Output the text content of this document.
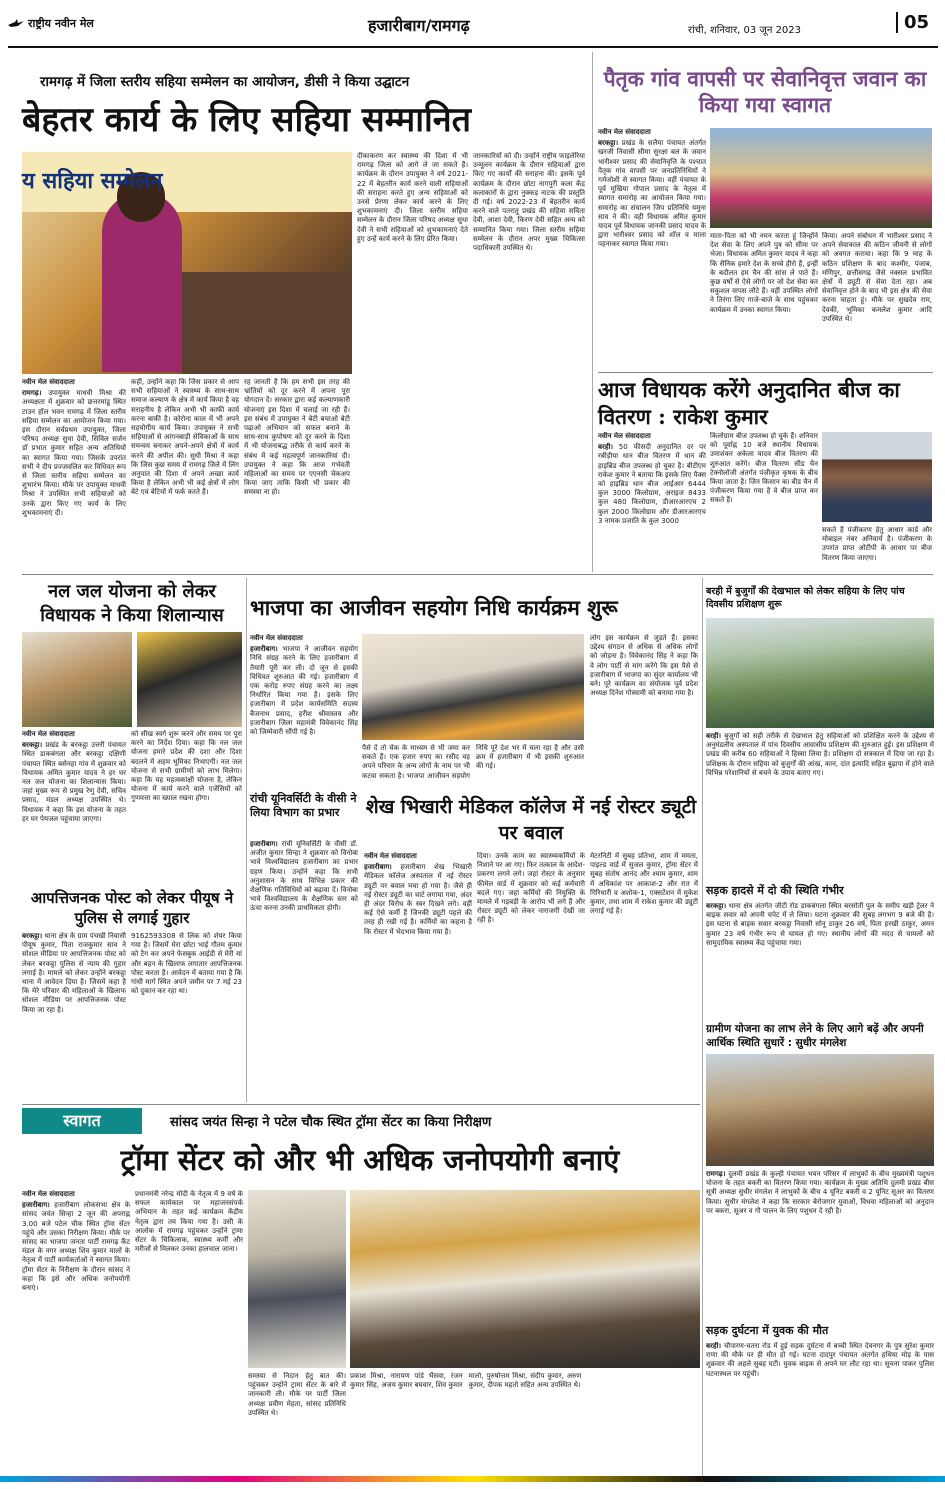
राष्ट्रीय नवीन मेल	हजारीबाग/रामगढ़	रांची, शनिवार, 03 जून 2023	05
रामगढ़ में जिला स्तरीय सहिया सम्मेलन का आयोजन, डीसी ने किया उद्घाटन
बेहतर कार्य के लिए सहिया सम्मानित
य सहिया सम्मेलन
नवीन मेल संवाददाता
रामगढ़। उपायुक्त माधवी मिश्रा की अध्यक्षता में शुक्रवार को छत्तरमांडू स्थित टाउन हॉल भवन रामगढ़ में जिला स्तरीय सहिया सम्मेलन का आयोजन किया गया। इस दौरान सर्वप्रथम उपायुक्त, जिला परिषद अध्यक्ष सुधा देवी, सिविल सर्जन डॉ प्रभात कुमार सहित अन्य अतिथियों का स्वागत किया गया। जिसके उपरांत सभी ने दीप प्रज्जवलित कर विधिवत रूप से जिला स्तरीय सहिया सम्मेलन का शुभारंभ किया। मौके पर उपायुक्त माधवी मिश्रा ने उपस्थित सभी सहियाओं को उनके द्वारा किए गए कार्य के लिए शुभकामनाएं दी।
कहीं, उन्होंने कहा कि जिस प्रकार से आप सभी सहियाओं ने स्वास्थ्य के साथ-साथ समाज कल्याण के क्षेत्र में कार्य किया है वह सराहनीय है लेकिन अभी भी काफी कार्य करना बाकी है। कोरोना काल में भी अपने सहयोगीय कार्य किया। उपायुक्त ने सभी सहियाओं से आंगनबाड़ी सेविकाओं के साथ समन्वय बनाकर अपने-अपने क्षेत्रों में कार्य करने की अपील की। सुधी मिश्रा ने कहा कि जिस कुछ समय में रामगढ़ जिले में लिंग अनुपात की दिशा में अपने अच्छा कार्य किया है लेकिन अभी भी कई क्षेत्रों में लोग बेटे एवं बेटियों में फर्क करते हैं।
रह जानती है कि हम सभी इस तरह की भ्रांतियों को दूर करने में अपना पूरा योगदान दें। सरकार द्वारा कई कल्याणकारी योजनाएं इस दिशा में चलाई जा रही हैं। इस संबंध में उपायुक्त ने बेटी बचाओ बेटी पढ़ाओ अभियान को सफल बनाने के साथ-साथ कुपोषण को दूर करने के दिशा में भी योजनाबद्ध तरीके से कार्य करने के संबंध में कई महत्वपूर्ण जानकारियां दी। उपायुक्त ने कहा कि आज गर्भवती महिलाओं का समय पर एएनसी चेकअप किया जाए ताकि किसी भी प्रकार की समस्या ना हो।
दीकाकरण कर स्वास्थ्य की दिशा में भी रामगढ़ जिला को आगे ले जा सकते हैं। कार्यक्रम के दौरान उपायुक्त ने वर्ष 2021-22 में बेहतरीन कार्य करने वाली सहियाओं की सराहना करते हुए अन्य सहियाओं को उनसे प्रेरणा लेकर कार्य करने के लिए शुभकामनाएं दी। जिला स्तरीय सहिया सम्मेलन के दौरान जिला परिषद अध्यक्ष सुधा देवी ने सभी सहियाओं को शुभकामनाएं देते हुए उन्हें कार्य करने के लिए प्रेरित किया।
जानकारियों को दी। उन्होंने राष्ट्रीय फाइलेरिया उन्मूलन कार्यक्रम के दौरान सहियाओं द्वारा किए गए कार्यों की सराहना की। इसके पूर्व कार्यक्रम के दौरान छोटा नागपुरी कला केंद्र कलाकारों के द्वारा नुक्कड़ नाटक की प्रस्तुति दी गई। वर्ष 2022-23 में बेहतरीन कार्य करने वाले पतरातु प्रखंड की सहिया सविता देवी, आशा देवी, किरण देवी सहित अन्य को सम्मानित किया गया। जिला स्तरीय सहिया सम्मेलन के दौरान अपर मुख्य चिकित्सा पदाधिकारी उपस्थित थे।
पैतृक गांव वापसी पर सेवानिवृत्त जवान का किया गया स्वागत
नवीन मेल संवाददाता
बरकट्ठा। प्रखंड के सलैया पंचायत अंतर्गत खरजी निवासी सीमा सुरक्षा बल के जवान भारीश्वर प्रसाद की सेवानिवृत्ति के पश्चात पैतृक गांव वापसी पर जनप्रतिनिधियों ने गर्मजोशी से स्वागत किया। वहीं पंचायत के पूर्व मुखिया गोपाल प्रसाद के नेतृत्व में स्वागत समारोह का आयोजन किया गया। समारोह का संचालन जिप प्रतिनिधि यमुना साव ने की। वहीं विधायक अमित कुमार यादव पूर्व विधायक जानकी प्रसाद यादव के द्वारा भारीश्वर प्रसाद को शॉल व माला पहनाकर स्वागत किया गया।
माता-पिता को भी नमन करता हूं जिन्होंने देश सेवा के लिए अपने पुत्र को सीमा पर भेजा। विधायक अमित कुमार यादव ने कहा कि सैनिक हमारे देश के सच्चे हीरो हैं, इन्हीं के बदौलत हम चैन की सांस ले पाते हैं। कुछ वर्षों से ऐसे लोगों पर जो देश सेवा कर सकुशल वापस लौटे हैं। वहीं उपस्थित लोगों ने तिरंगा लिए गाजे-बाजे के साथ पहुंचकर कार्यक्रम में उनका स्वागत किया।
किया। अपने संबोधन में भारीश्वर प्रसाद ने अपने सेवाकाल की कठिन जीवनी से लोगों को अवगत कराया। कहा कि 9 माह के कठिन प्रशिक्षण के बाद कश्मीर, पंजाब, मणिपुर, छत्तीसगढ़ जैसे नक्सल प्रभावित क्षेत्रों में ड्यूटी से सेवा देता रहा। अब सेवानिवृत्त होने के बाद भी इस क्षेत्र की सेवा करना चाहता हूं। मौके पर सुखदेव राम, देवकी, भूमिका कमलेश कुमार आदि उपस्थित थे।
आज विधायक करेंगे अनुदानित बीज का वितरण : राकेश कुमार
नवीन मेल संवाददाता
बरही। 50 फीसदी अनुदानित दर पर रबीड़ीया धान बीज वितरण में धान की हाइब्रिड बीज उपलब्ध हो चुका है। बीटीएम राकेश कुमार ने बताया कि इसके लिए पैक्स को हाइब्रिड धान बीज आईआर 6444 कुल 3000 किलोग्राम, अराइज 8433 कुल 480 किलोग्राम, डीआरआरएच 2 कुल 2000 किलोग्राम और डीआरआरएच 3 नामक प्रजाति के कुल 3000
किलोग्राम बीज उपलब्ध हो चुके हैं। शनिवार को पूर्वाह्न 10 बजे स्थानीय विधायक उमाशंकर अकेला यादव बीज वितरण की शुरुआत करेंगे। बीज वितरण सीड चैन टेक्नोलॉजी अंतर्गत पंजीकृत कृषक के बीच किया जाता है। जिन किसान का बीड चैन में पंजीकरण किया गया है वे बीज प्राप्त कर सकते हैं।
सकते हैं पंजीकरण हेतु आधार कार्ड और मोबाइल नंबर अनिवार्य है। पंजीकरण के उपरांत प्राप्त ओटीपी के आधार पर बीज वितरण किया जाएगा।
नल जल योजना को लेकर विधायक ने किया शिलान्यास
नवीन मेल संवाददाता
बरकट्ठा। प्रखंड के बरकट्ठा उत्तरी पंचायत स्थित डाकबंगला और बरकट्ठा दक्षिणी पंचायत स्थित बसेनहा गांव में शुक्रवार को विधायक अमित कुमार यादव ने हर घर नल जल योजना का शिलान्यास किया। जहां मुख्य रूप से प्रमुख रेणु देवी, सचिव प्रसाद, मंडल अध्यक्ष उपस्थित थे। विधायक ने कहा कि इस योजना के तहत हर घर पेयजल पहुंचाया जाएगा।
को सीख स्वर्ग शुरू करने और समय पर पूरा करने का निर्देश दिया। कहा कि नल जल योजना हमारे प्रदेश की दशा और दिशा बदलने में अहम भूमिका निभाएगी। नल जल योजना से सभी ग्रामीणों को लाभ मिलेगा। कहा कि यह महत्वकांक्षी योजना है, लेकिन योजना में कार्य करने वाले एजेंसियों को गुणवत्ता का ख्याल रखना होगा।
आपत्तिजनक पोस्ट को लेकर पीयूष ने पुलिस से लगाई गुहार
बरकट्ठा। थाना क्षेत्र के ग्राम पंचखी निवासी पीयूष कुमार, पिता राजकुमार साव ने सोशल मीडिया पर आपत्तिजनक पोस्ट को लेकर बरकट्ठा पुलिस से न्याय की गुहार लगाई है। मामले को लेकर उन्होंने बरकट्ठा थाना में आवेदन दिया है। जिसमें कहा है कि मेरे परिवार की महिलाओं के खिलाफ सोशल मीडिया पर आपत्तिजनक पोस्ट किया जा रहा है।
9162593308 से लिंक को शेयर किया गया है। जिसमें मेरा छोटा भाई गौतम कुमार को टैग कर अपने फेसबुक आईडी से मेरी मां और बहन के खिलाफ लगातार आपत्तिजनक पोस्ट करता है। आवेदन में बताया गया है कि गांधी मार्ग स्थित अपने जमीन पर 7 मई 23 को दुकान कर रहा था।
भाजपा का आजीवन सहयोग निधि कार्यक्रम शुरू
नवीन मेल संवाददाता
हजारीबाग। भाजपा ने आजीवन सहयोग निधि संग्रह करने के लिए हजारीबाग में तैयारी पूरी कर ली। दो जून से इसकी विधिवत शुरुआत की गई। हजारीबाग में एक करोड़ रुपए संग्रह करने का लक्ष्य निर्धारित किया गया है। इसके लिए हजारीबाग में प्रदेश कार्यसमिति सदस्य बैजनाथ प्रसाद, हरीश श्रीवास्तव और हजारीबाग जिला महामंत्री विवेकानंद सिंह को जिम्मेवारी सौंपी गई है।
पैसे दें तो चेक के माध्यम से भी जमा कर सकते हैं। एक हजार रुपए का रसीद वह अपने परिवार के अन्य लोगों के नाम पर भी कटवा सकता है। भाजपा आजीवन सहयोग निधि पूरे देश भर में चला रहा है और उसी क्रम में हजारीबाग में भी इसकी शुरुआत की गई।
लोग इस कार्यक्रम से जुड़ते हैं। इसका उद्देश्य संगठन से अधिक से अधिक लोगों को जोड़ना है। विवेकानंद सिंह ने कहा कि वे लोग पार्टी से मांग करेंगे कि इस पैसे से हजारीबाग में भाजपा का सुंदर कार्यालय भी बने। पूरे कार्यक्रम का संयोजक पूर्व प्रदेश अध्यक्ष दिनेश गोस्वामी को बनाया गया है।
रांची यूनिवर्सिटी के वीसी ने लिया विभाग का प्रभार
हजारीबाग। रांची यूनिवर्सिटी के वीसी डॉ. अजीत कुमार सिन्हा ने शुक्रवार को विनोबा भावे विश्वविद्यालय हजारीबाग का प्रभार ग्रहण किया। उन्होंने कहा कि सभी अनुशासन के साथ विभिन्न प्रकार की शैक्षणिक गतिविधियों को बढ़ावा दें। विनोबा भावे विश्वविद्यालय के शैक्षणिक स्तर को ऊंचा करना उनकी प्राथमिकता होगी।
शेख भिखारी मेडिकल कॉलेज में नई रोस्टर ड्यूटी पर बवाल
नवीन मेल संवाददाता
हजारीबाग। हजारीबाग शेख भिखारी मेडिकल कॉलेज अस्पताल में नई रोस्टर ड्यूटी पर बवाल मचा हो गया है। जैसे ही नई रोस्टर ड्यूटी का चार्ट लगाया गया, अंदर ही अंदर विरोध के स्वर दिखने लगे। वहीं कई ऐसे कर्मी हैं जिनकी ड्यूटी पहले की तरह ही रखी गई है। कर्मियों का कहना है कि रोस्टर में भेदभाव किया गया है।
दिया। उनके काम का स्वास्थ्यकर्मियों के निशाने पर आ गए। फिर तत्काल के आदेश-प्रकरण लगने लगे। जहां रोस्टर के अनुसार फीमेल वार्ड में शुक्रवार को कई कर्मचारी बदले गए। जहां कर्मियों की नियुक्ति के मामले में गड़बड़ी के आरोप भी लगे हैं और रोस्टर ड्यूटी को लेकर नाराजगी देखी जा रही है।
मेटरनिटी में सुबह प्रतिभा, शाम में ममता, पाइल्ड वार्ड में सुजल कुमार, ट्रॉमा सेंटर में सुबह संतोष आनंद और श्याम कुमार, शाम में अधिकांश पर आकाश-2 और रात में गिरिधारी व अशोक-1, एक्सटेंशन में मुकेश कुमार, तथा शाम में राकेश कुमार की ड्यूटी लगाई गई है।
बरही में बुजुर्गों की देखभाल को लेकर सहिया के लिए पांच दिवसीय प्रशिक्षण शुरू
बरही। बुजुर्गों को सही तरीके से देखभाल हेतु सहियाओं को प्रशिक्षित करने के उद्देश्य से अनुमंडलीय अस्पताल में पांच दिवसीय आवासीय प्रशिक्षण की शुरुआत हुई। इस प्रशिक्षण में प्रखंड की करीब 60 सहियाओं ने हिस्सा लिया है। प्रशिक्षण दो सत्रकाल में दिया जा रहा है। प्रशिक्षक के दौरान सहिया को बुजुर्गों की आंख, कान, दांत इत्यादि सहित बुढ़ापा में होने वाले विभिन्न परेशानियों से बचने के उपाय बताए गए।
सड़क हादसे में दो की स्थिति गंभीर
बरकट्ठा। थाना क्षेत्र अंतर्गत जीटी रोड डाकबंगला स्थित बरसोती पुल के समीप खड़ी ट्रेलर ने बाइक सवार को अपनी चपेट में ले लिया। घटना शुक्रवार की सुबह लगभग 9 बजे की है। इस घटना से बाइक सवार बरकट्ठा निवासी सोनू ठाकुर 26 वर्ष, पिता हरखी ठाकुर, अमन कुमार 23 वर्ष गंभीर रूप से घायल हो गए। स्थानीय लोगों की मदद से घायलों को सामुदायिक स्वास्थ्य केंद्र पहुंचाया गया।
ग्रामीण योजना का लाभ लेने के लिए आगे बढ़ें और अपनी आर्थिक स्थिति सुधारें : सुधीर मंगलेश
रामगढ़। दुलमी प्रखंड के कुल्ही पंचायत भवन परिसर में लाभुकों के बीच मुख्यमंत्री पशुधन योजना के तहत बकरी का वितरण किया गया। कार्यक्रम के मुख्य अतिथि दुलमी प्रखंड बीस सूत्री अध्यक्ष सुधीर मंगलेश ने लाभुकों के बीच 4 यूनिट बकरी व 2 यूनिट सूअर का वितरण किया। सुधीर मंगलेश ने कहा कि सरकार बेरोजगार युवाओं, विधवा महिलाओं को अनुदान पर बकरा, सूअर व गौ पालन के लिए पशुधन दे रही है।
सड़क दुर्घटना में युवक की मौत
बरही। चौपारण-चतरा रोड में हुई सड़क दुर्घटना में बच्ची स्थित देवनगर के पुत्र सुरेश कुमार राणा की मौके पर ही मौत हो गई। घटना दादपुर पंचायत अंतर्गत हथिया मोड़ के पास शुक्रवार की अहले सुबह घटी। युवक बाइक से अपने घर लौट रहा था। सूचना पाकर पुलिस घटनास्थल पर पहुंची।
स्वागत	सांसद जयंत सिन्हा ने पटेल चौक स्थित ट्रॉमा सेंटर का किया निरीक्षण
ट्रॉमा सेंटर को और भी अधिक जनोपयोगी बनाएं
नवीन मेल संवाददाता
हजारीबाग। हजारीबाग लोकसभा क्षेत्र के सांसद जयंत सिन्हा 2 जून की अपराह्न 3.00 बजे पटेल चौक स्थित ट्रॉमा सेंटर पहुंचे और उसका निरीक्षण किया। मौके पर सांसद का भाजपा जनता पार्टी रामगढ़ कैंट मंडल के नगर अध्यक्ष शिव कुमार मालों के नेतृत्व में पार्टी कार्यकर्ताओं ने स्वागत किया। ट्रॉमा सेंटर के निरीक्षण के दौरान सांसद ने कहा कि इसे और अधिक जनोपयोगी बनाएं।
प्रधानमंत्री नरेन्द्र मोदी के नेतृत्व में 9 वर्ष के सफल कार्यकाल पर महाजनसंपर्क अभियान के तहत कई कार्यक्रम केंद्रीय नेतृत्व द्वारा तय किया गया है। उसी के आलोक में रामगढ़ पहुंचकर उन्होंने ट्रामा सेंटर के चिकित्सक, स्वास्थ्य कर्मी और मरीजों से मिलकर उनका हालचाल जाना।
समस्या से निदान हेतु बात की। पहुंचकर उन्होंने ट्रामा सेंटर के बारे में जानकारी ली। मौके पर पार्टी जिला अध्यक्ष प्रवीण मेहता, सांसद प्रतिनिधि उपस्थित थे।
प्रकाश मिश्रा, नारायण पांडे भैंसवा, रंजन कुमार सिंह, अजय कुमार बघवार, शिव कुमार मालो, पुरुषोत्तम मिश्रा, संदीप कुमार, अरुण कुमार, दीपक महतो सहित अन्य उपस्थित थे।
